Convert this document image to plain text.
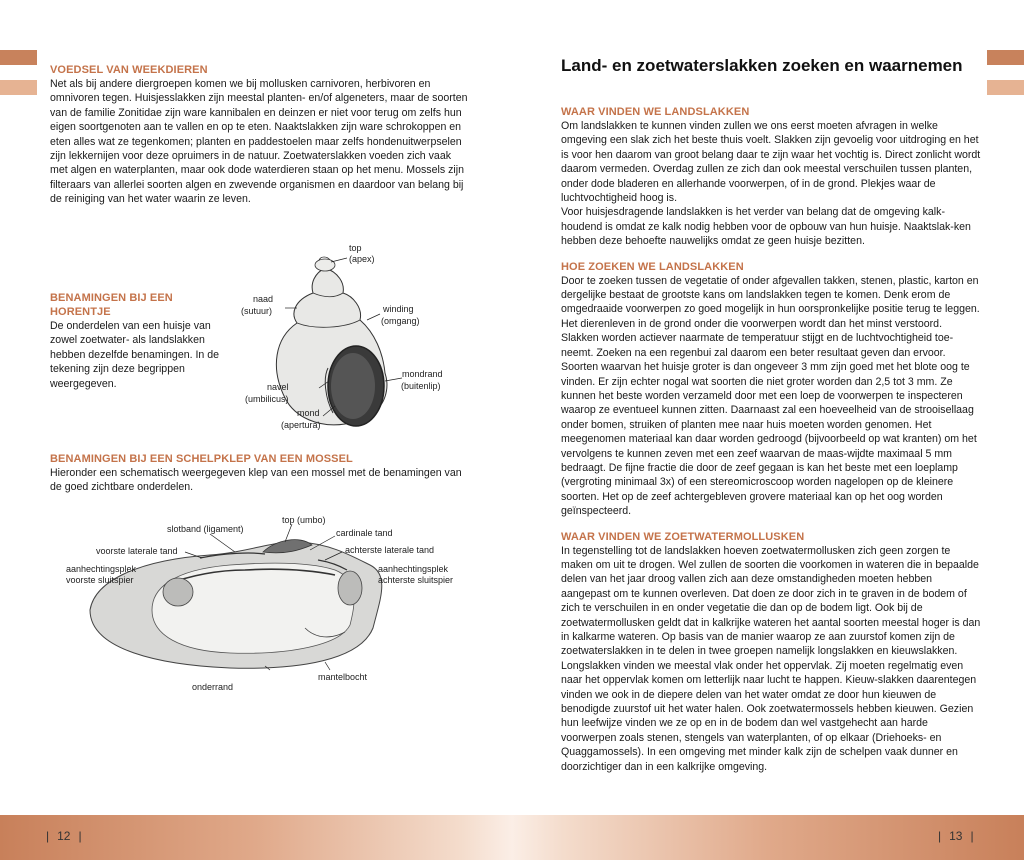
VOEDSEL VAN WEEKDIEREN

Net als bij andere diergroepen komen we bij mollusken carnivoren, herbivoren en omnivoren tegen. Huisjesslakken zijn meestal planten- en/of algeneters, maar de soorten van de familie Zonitidae zijn ware kannibalen en deinzen er niet voor terug om zelfs hun eigen soortgenoten aan te vallen en op te eten. Naaktslakken zijn ware schrokoppen en eten alles wat ze tegenkomen; planten en paddestoelen maar zelfs hondenuitwerpselen zijn lekkernijen voor deze opruimers in de natuur. Zoetwaterslakken voeden zich vaak met algen en waterplanten, maar ook dode waterdieren staan op het menu. Mossels zijn filteraars van allerlei soorten algen en zwevende organismen en daardoor van belang bij de reiniging van het water waarin ze leven.

BENAMINGEN BIJ EEN HORENTJE

De onderdelen van een huisje van zowel zoetwater- als landslakken hebben dezelfde benamingen. In de tekening zijn deze begrippen weergegeven.

top
(apex)
naad
(sutuur)	winding
(omgang)
mondrand
(buitenlip)
navel
(umbilicus)
mond
(apertura)
BENAMINGEN BIJ EEN SCHELPKLEP VAN EEN MOSSEL

Hieronder een schematisch weergegeven klep van een mossel met de benamingen van de goed zichtbare onderdelen.

top (umbo)
slotband (ligament)	cardinale tand
voorste laterale tand	achterste laterale tand
aanhechtingsplek
voorste sluitspier
aanhechtingsplek
achterste sluitspier
onderrand
mantelbocht
Land- en zoetwaterslakken zoeken en waarnemen
WAAR VINDEN WE LANDSLAKKEN

Om landslakken te kunnen vinden zullen we ons eerst moeten afvragen in welke omgeving een slak zich het beste thuis voelt. Slakken zijn gevoelig voor uitdroging en het is voor hen daarom van groot belang daar te zijn waar het vochtig is. Direct zonlicht wordt daarom vermeden. Overdag zullen ze zich dan ook meestal verschuilen tussen planten, onder dode bladeren en allerhande voorwerpen, of in de grond. Plekjes waar de luchtvochtigheid hoog is.

Voor huisjesdragende landslakken is het verder van belang dat de omgeving kalk-houdend is omdat ze kalk nodig hebben voor de opbouw van hun huisje. Naaktslak-ken hebben deze behoefte nauwelijks omdat ze geen huisje bezitten.

HOE ZOEKEN WE LANDSLAKKEN

Door te zoeken tussen de vegetatie of onder afgevallen takken, stenen, plastic, karton en dergelijke bestaat de grootste kans om landslakken tegen te komen. Denk erom de omgedraaide voorwerpen zo goed mogelijk in hun oorspronkelijke positie terug te leggen. Het dierenleven in de grond onder die voorwerpen wordt dan het minst verstoord.

Slakken worden actiever naarmate de temperatuur stijgt en de luchtvochtigheid toe-neemt. Zoeken na een regenbui zal daarom een beter resultaat geven dan ervoor. Soorten waarvan het huisje groter is dan ongeveer 3 mm zijn goed met het blote oog te vinden. Er zijn echter nogal wat soorten die niet groter worden dan 2,5 tot 3 mm. Ze kunnen het beste worden verzameld door met een loep de voorwerpen te inspecteren waarop ze eventueel kunnen zitten. Daarnaast zal een hoeveelheid van de strooisellaag onder bomen, struiken of planten mee naar huis moeten worden genomen. Het meegenomen materiaal kan daar worden gedroogd (bijvoorbeeld op wat kranten) om het vervolgens te kunnen zeven met een zeef waarvan de maas-wijdte maximaal 5 mm bedraagt. De fijne fractie die door de zeef gegaan is kan het beste met een loeplamp (vergroting minimaal 3x) of een stereomicroscoop worden nagelopen op de kleinere soorten. Het op de zeef achtergebleven grovere materiaal kan op het oog worden geïnspecteerd.

WAAR VINDEN WE ZOETWATERMOLLUSKEN

In tegenstelling tot de landslakken hoeven zoetwatermollusken zich geen zorgen te maken om uit te drogen. Wel zullen de soorten die voorkomen in wateren die in bepaalde delen van het jaar droog vallen zich aan deze omstandigheden moeten hebben aangepast om te kunnen overleven. Dat doen ze door zich in te graven in de bodem of zich te verschuilen in en onder vegetatie die dan op de bodem ligt. Ook bij de zoetwatermollusken geldt dat in kalkrijke wateren het aantal soorten meestal hoger is dan in kalkarme wateren. Op basis van de manier waarop ze aan zuurstof komen zijn de zoetwaterslakken in te delen in twee groepen namelijk longslakken en kieuwslakken. Longslakken vinden we meestal vlak onder het oppervlak. Zij moeten regelmatig even naar het oppervlak komen om letterlijk naar lucht te happen. Kieuw-slakken daarentegen vinden we ook in de diepere delen van het water omdat ze door hun kieuwen de benodigde zuurstof uit het water halen. Ook zoetwatermossels hebben kieuwen. Gezien hun leefwijze vinden we ze op en in de bodem dan wel vastgehecht aan harde voorwerpen zoals stenen, stengels van waterplanten, of op elkaar (Driehoeks- en Quaggamossels). In een omgeving met minder kalk zijn de schelpen vaak dunner en doorzichtiger dan in een kalkrijke omgeving.

| 12 |	| 13 |
